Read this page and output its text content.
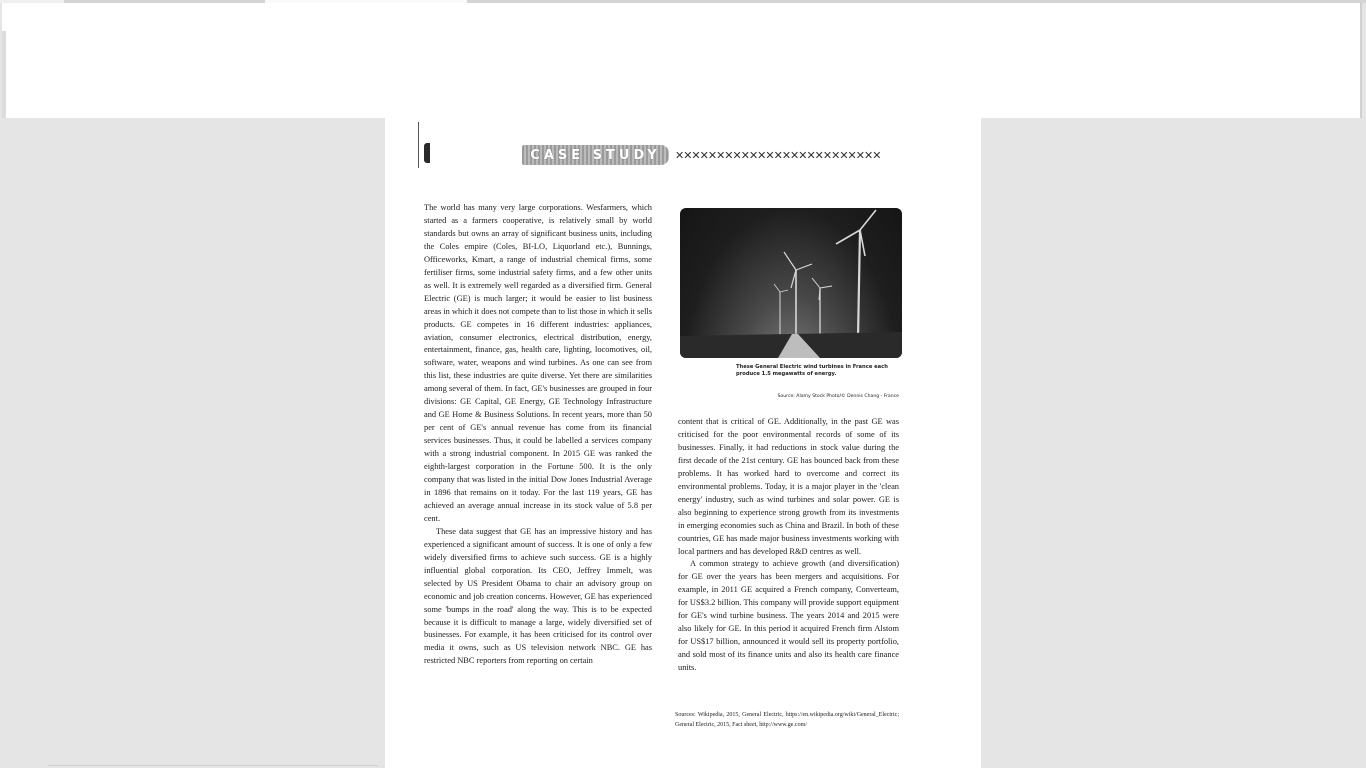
CASE STUDY ✕✕✕✕✕✕✕✕✕✕✕✕✕✕✕✕✕✕✕✕✕✕✕✕✕

The world has many very large corporations. Wesfarmers, which started as a farmers cooperative, is relatively small by world standards but owns an array of significant business units, including the Coles empire (Coles, BI-LO, Liquorland etc.), Bunnings, Officeworks, Kmart, a range of industrial chemical firms, some fertiliser firms, some industrial safety firms, and a few other units as well. It is extremely well regarded as a diversified firm. General Electric (GE) is much larger; it would be easier to list business areas in which it does not compete than to list those in which it sells products. GE competes in 16 different industries: appliances, aviation, consumer electronics, electrical distribution, energy, entertainment, finance, gas, health care, lighting, locomotives, oil, software, water, weapons and wind turbines. As one can see from this list, these industries are quite diverse. Yet there are similarities among several of them. In fact, GE's businesses are grouped in four divisions: GE Capital, GE Energy, GE Technology Infrastructure and GE Home & Business Solutions. In recent years, more than 50 per cent of GE's annual revenue has come from its financial services businesses. Thus, it could be labelled a services company with a strong industrial component. In 2015 GE was ranked the eighth-largest corporation in the Fortune 500. It is the only company that was listed in the initial Dow Jones Industrial Average in 1896 that remains on it today. For the last 119 years, GE has achieved an average annual increase in its stock value of 5.8 per cent.

These data suggest that GE has an impressive history and has experienced a significant amount of success. It is one of only a few widely diversified firms to achieve such success. GE is a highly influential global corporation. Its CEO, Jeffrey Immelt, was selected by US President Obama to chair an advisory group on economic and job creation concerns. However, GE has experienced some 'bumps in the road' along the way. This is to be expected because it is difficult to manage a large, widely diversified set of businesses. For example, it has been criticised for its control over media it owns, such as US television network NBC. GE has restricted NBC reporters from reporting on certain

These General Electric wind turbines in France each produce 1.5 megawatts of energy.
Source: Alamy Stock Photo/© Dennis Chang - France

content that is critical of GE. Additionally, in the past GE was criticised for the poor environmental records of some of its businesses. Finally, it had reductions in stock value during the first decade of the 21st century. GE has bounced back from these problems. It has worked hard to overcome and correct its environmental problems. Today, it is a major player in the 'clean energy' industry, such as wind turbines and solar power. GE is also beginning to experience strong growth from its investments in emerging economies such as China and Brazil. In both of these countries, GE has made major business investments working with local partners and has developed R&D centres as well.

A common strategy to achieve growth (and diversification) for GE over the years has been mergers and acquisitions. For example, in 2011 GE acquired a French company, Converteam, for US$3.2 billion. This company will provide support equipment for GE's wind turbine business. The years 2014 and 2015 were also likely for GE. In this period it acquired French firm Alstom for US$17 billion, announced it would sell its property portfolio, and sold most of its finance units and also its health care finance units.

Sources: Wikipedia, 2015, General Electric, https://en.wikipedia.org/wiki/General_Electric; General Electric, 2015, Fact sheet, http://www.ge.com/
